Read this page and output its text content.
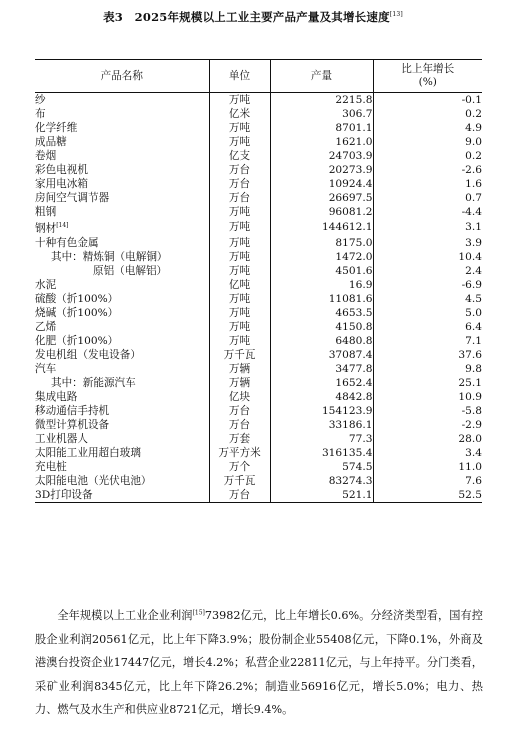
表3　2025年规模以上工业主要产品产量及其增长速度[13]
产品名称	单位	产量	比上年增长
(%)
纱	万吨	2215.8	-0.1
布	亿米	306.7	0.2
化学纤维	万吨	8701.1	4.9
成品糖	万吨	1621.0	9.0
卷烟	亿支	24703.9	0.2
彩色电视机	万台	20273.9	-2.6
家用电冰箱	万台	10924.4	1.6
房间空气调节器	万台	26697.5	0.7
粗钢	万吨	96081.2	-4.4
钢材[14]	万吨	144612.1	3.1
十种有色金属	万吨	8175.0	3.9
其中：精炼铜（电解铜）	万吨	1472.0	10.4
原铝（电解铝）	万吨	4501.6	2.4
水泥	亿吨	16.9	-6.9
硫酸（折100%）	万吨	11081.6	4.5
烧碱（折100%）	万吨	4653.5	5.0
乙烯	万吨	4150.8	6.4
化肥（折100%）	万吨	6480.8	7.1
发电机组（发电设备）	万千瓦	37087.4	37.6
汽车	万辆	3477.8	9.8
其中：新能源汽车	万辆	1652.4	25.1
集成电路	亿块	4842.8	10.9
移动通信手持机	万台	154123.9	-5.8
微型计算机设备	万台	33186.1	-2.9
工业机器人	万套	77.3	28.0
太阳能工业用超白玻璃	万平方米	316135.4	3.4
充电桩	万个	574.5	11.0
太阳能电池（光伏电池）	万千瓦	83274.3	7.6
3D打印设备	万台	521.1	52.5

全年规模以上工业企业利润[15]73982亿元，比上年增长0.6%。分经济类型看，国有控股企业利润20561亿元，比上年下降3.9%；股份制企业55408亿元，下降0.1%，外商及港澳台投资企业17447亿元，增长4.2%；私营企业22811亿元，与上年持平。分门类看，采矿业利润8345亿元，比上年下降26.2%；制造业56916亿元，增长5.0%；电力、热力、燃气及水生产和供应业8721亿元，增长9.4%。
